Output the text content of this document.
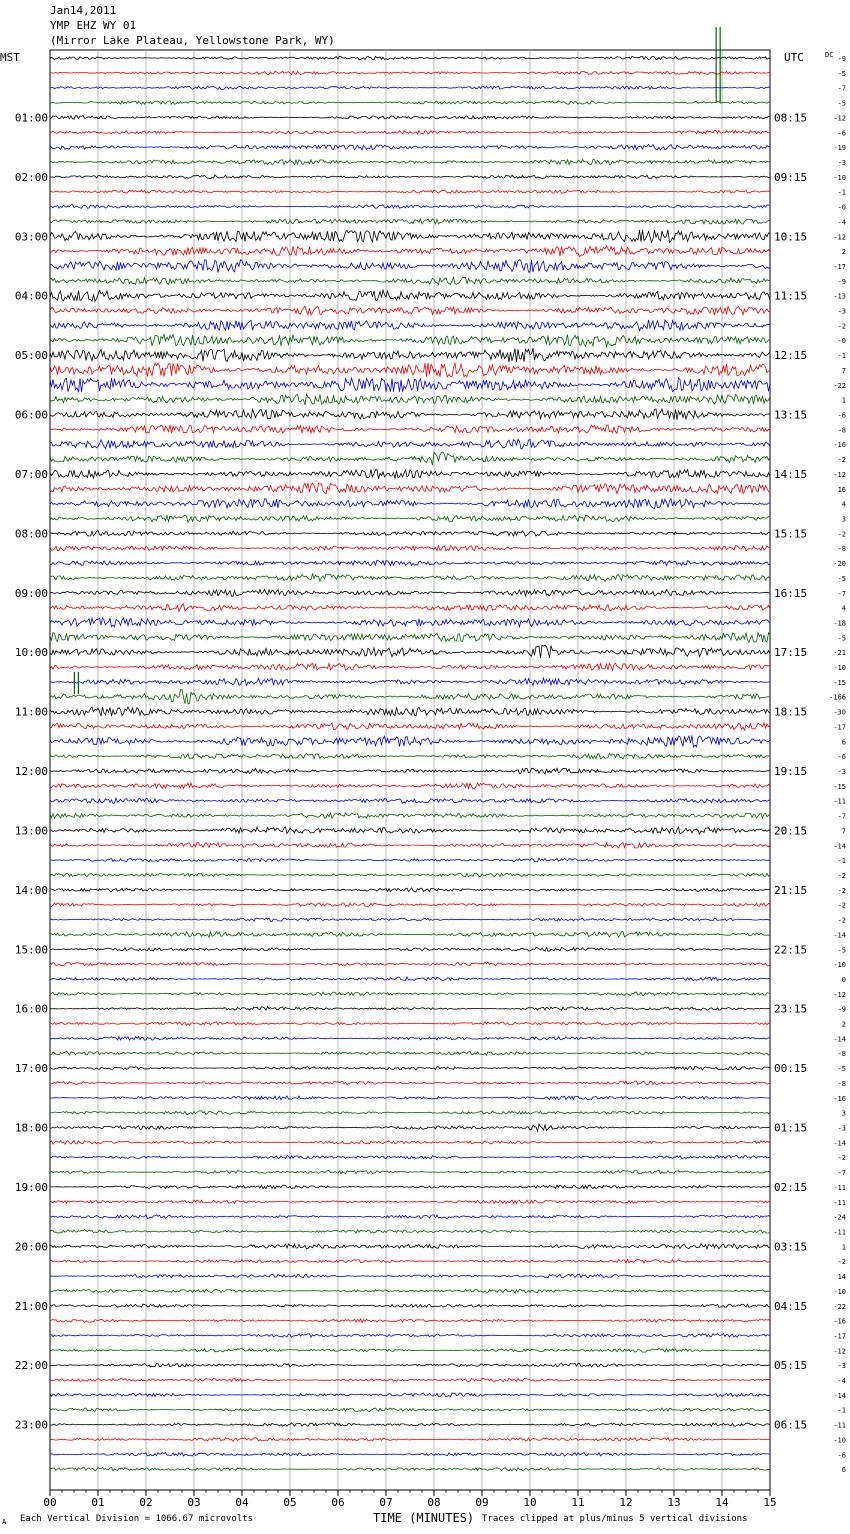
Jan14,2011
YMP EHZ WY 01
(Mirror Lake Plateau, Yellowstone Park, WY)
00	01	02	03	04	05	06	07	08	09	10	11	12	13	14	15
MST	UTC	DC
01:00	08:15
02:00	09:15
03:00	10:15
04:00	11:15
05:00	12:15
06:00	13:15
07:00	14:15
08:00	15:15
09:00	16:15
10:00	17:15
11:00	18:15
12:00	19:15
13:00	20:15
14:00	21:15
15:00	22:15
16:00	23:15
17:00	00:15
18:00	01:15
19:00	02:15
20:00	03:15
21:00	04:15
22:00	05:15
23:00	06:15
-9
-5
-7
-5
-12
-6
-19
-3
-10
-1
-0
-4
-12
2
-17
-9
-13
-3
-2
-0
-1
7
-22
1
-6
-8
-16
-2
-12
16
4
3
-2
-8
-20
-5
-7
4
-18
-5
-21
-10
-15
-166
-30
-17
6
-6
-3
-15
-11
-7
7
-14
-1
-2
-2
-2
-2
-14
-5
-10
0
-12
-9
2
-14
-8
-5
-8
-16
3
-3
-14
-2
-7
-11
-11
-24
-11
1
-2
14
-10
-22
-16
-17
-12
-3
-4
-14
-1
-11
-10
-6
6
Each Vertical Division = 1066.67 microvolts	TIME (MINUTES) Traces clipped at plus/minus 5 vertical divisions
A
